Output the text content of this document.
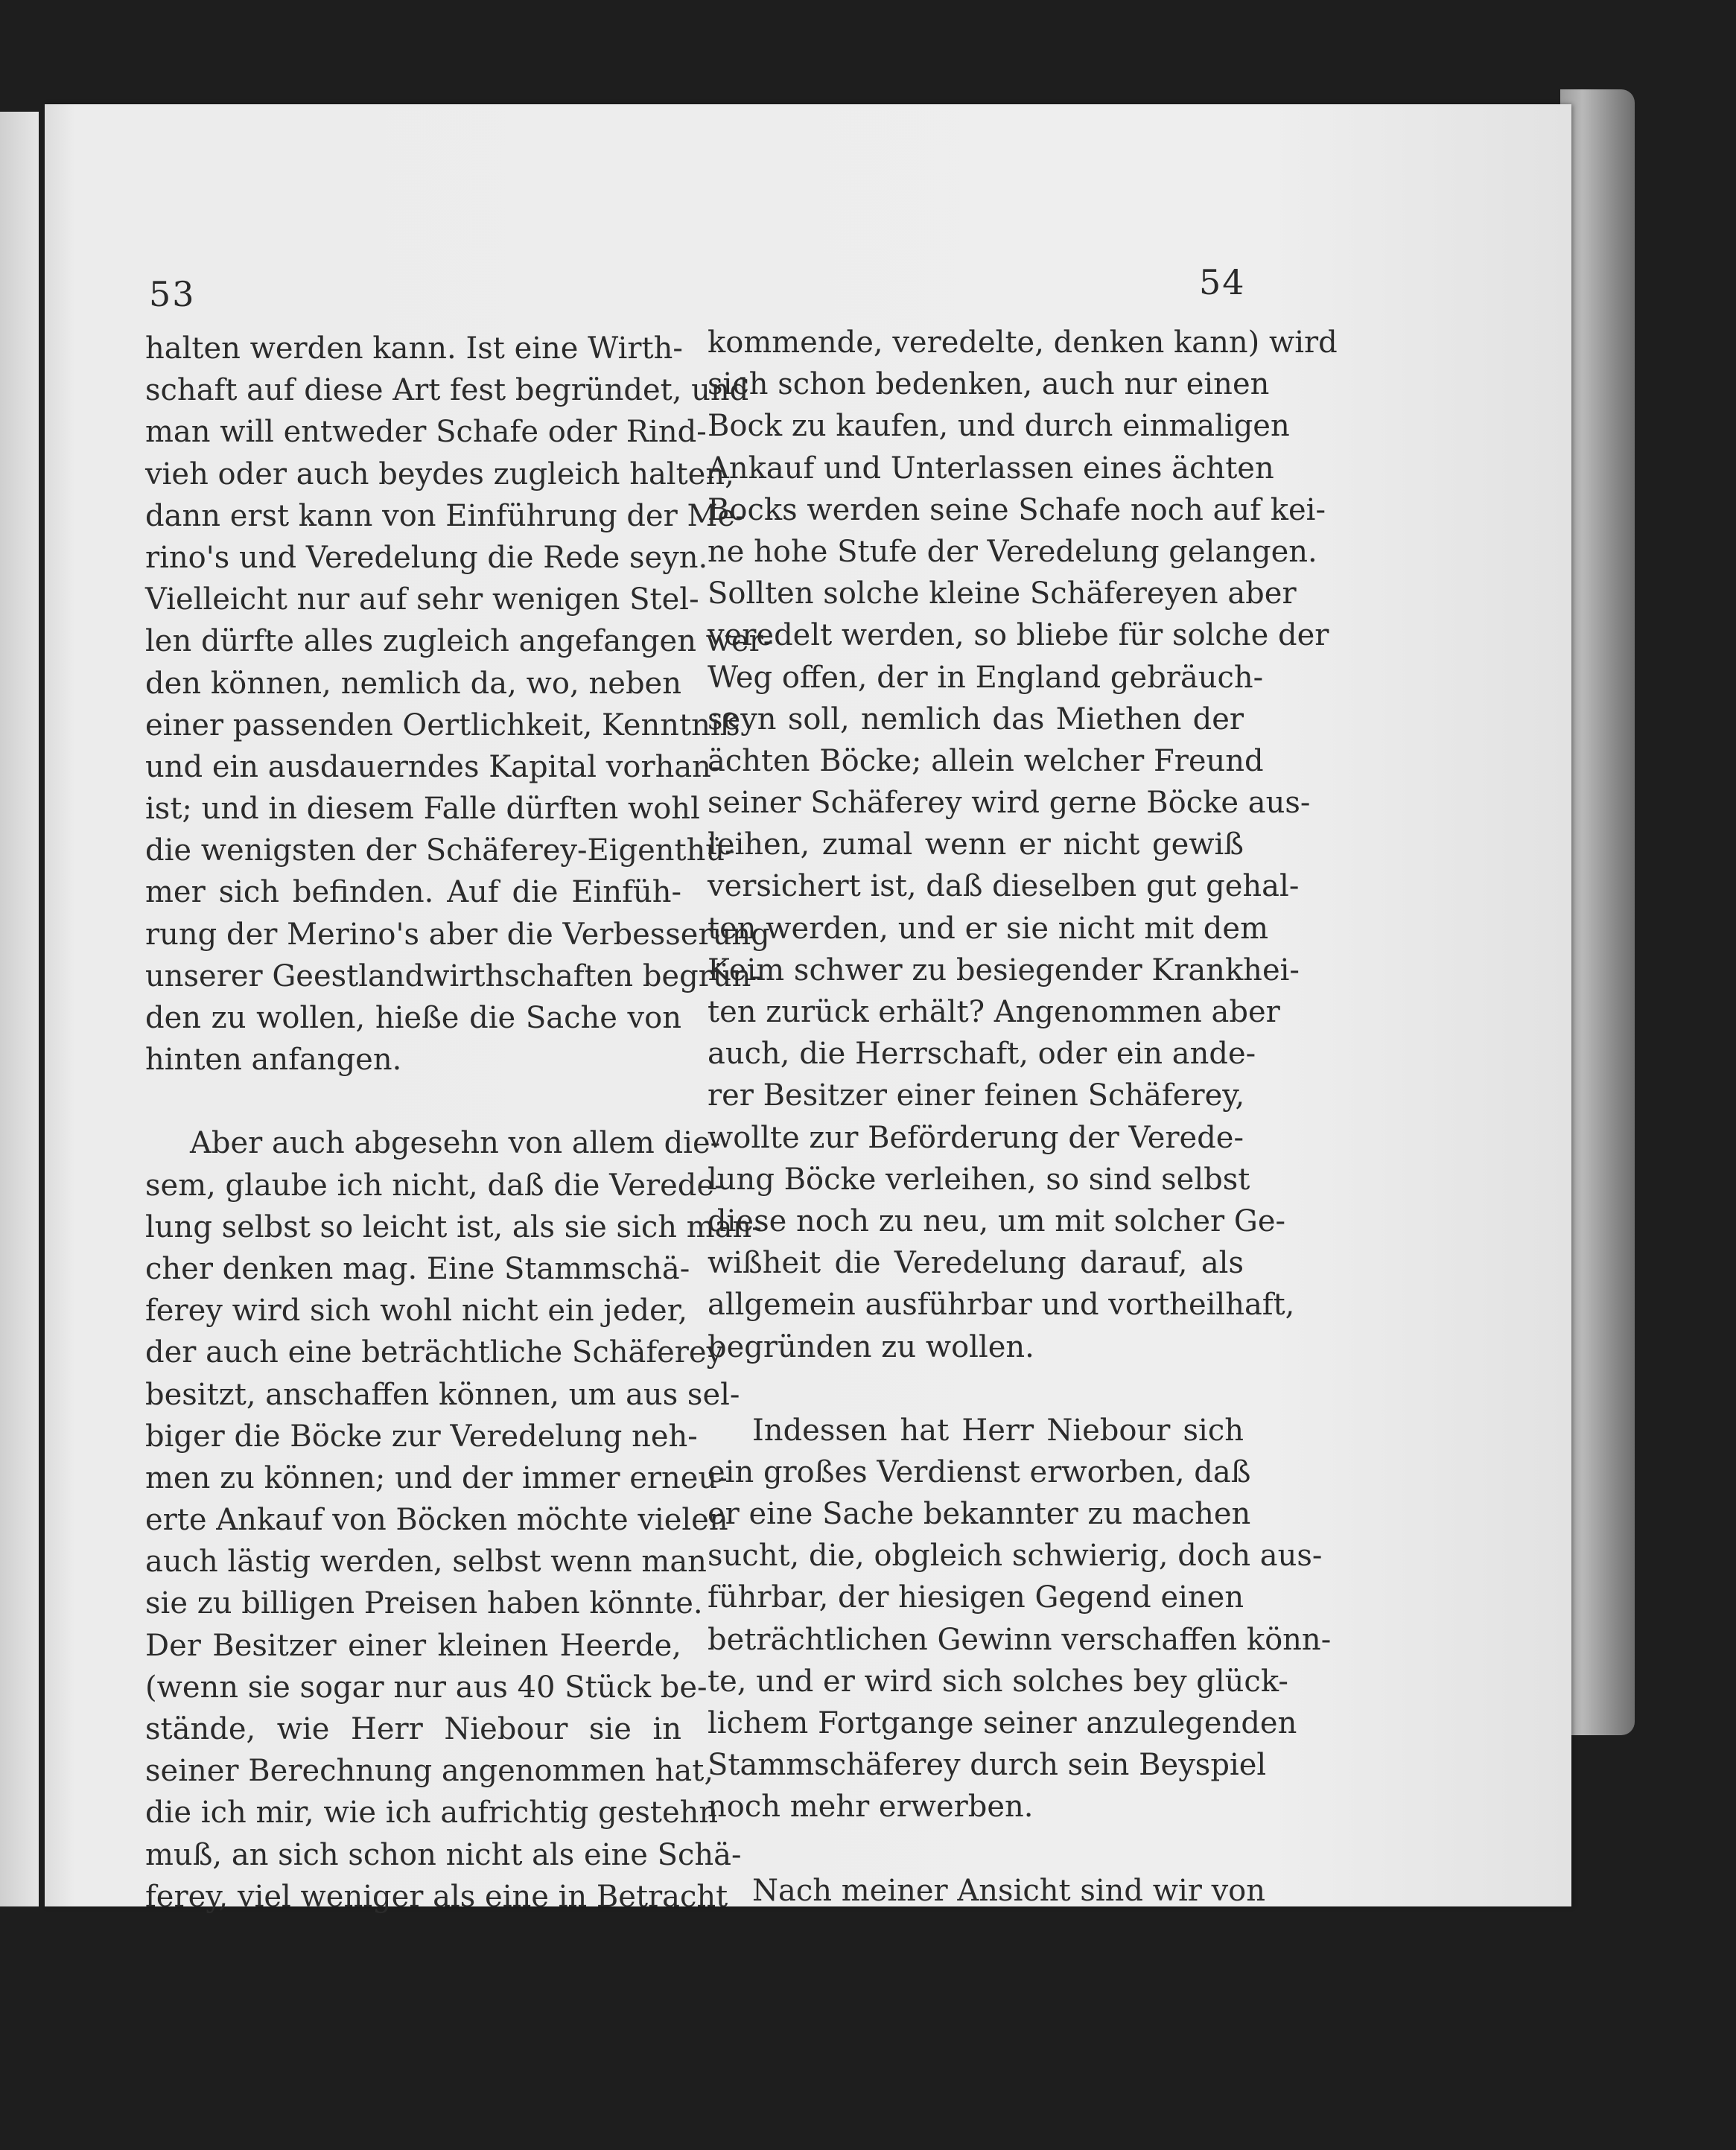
53	54
halten werden kann. Ist eine Wirth-
schaft auf diese Art fest begründet, und
man will entweder Schafe oder Rind-
vieh oder auch beydes zugleich halten,
dann erst kann von Einführung der Me-
rino's und Veredelung die Rede seyn.
Vielleicht nur auf sehr wenigen Stel-
len dürfte alles zugleich angefangen wer-
den können, nemlich da, wo, neben
einer passenden Oertlichkeit, Kenntniß
und ein ausdauerndes Kapital vorhan-
ist; und in diesem Falle dürften wohl
die wenigsten der Schäferey-Eigenthü-
mer sich befinden. Auf die Einfüh-
rung der Merino's aber die Verbesserung
unserer Geestlandwirthschaften begrün-
den zu wollen, hieße die Sache von
hinten anfangen.
Aber auch abgesehn von allem die-
sem, glaube ich nicht, daß die Verede-
lung selbst so leicht ist, als sie sich man-
cher denken mag. Eine Stammschä-
ferey wird sich wohl nicht ein jeder,
der auch eine beträchtliche Schäferey
besitzt, anschaffen können, um aus sel-
biger die Böcke zur Veredelung neh-
men zu können; und der immer erneu-
erte Ankauf von Böcken möchte vielen
auch lästig werden, selbst wenn man
sie zu billigen Preisen haben könnte.
Der Besitzer einer kleinen Heerde,
(wenn sie sogar nur aus 40 Stück be-
stände, wie Herr Niebour sie in
seiner Berechnung angenommen hat,
die ich mir, wie ich aufrichtig gestehn
muß, an sich schon nicht als eine Schä-
ferey, viel weniger als eine in Betracht
kommende, veredelte, denken kann) wird
sich schon bedenken, auch nur einen
Bock zu kaufen, und durch einmaligen
Ankauf und Unterlassen eines ächten
Bocks werden seine Schafe noch auf kei-
ne hohe Stufe der Veredelung gelangen.
Sollten solche kleine Schäfereyen aber
veredelt werden, so bliebe für solche der
Weg offen, der in England gebräuch-
seyn soll, nemlich das Miethen der
ächten Böcke; allein welcher Freund
seiner Schäferey wird gerne Böcke aus-
leihen, zumal wenn er nicht gewiß
versichert ist, daß dieselben gut gehal-
ten werden, und er sie nicht mit dem
Keim schwer zu besiegender Krankhei-
ten zurück erhält? Angenommen aber
auch, die Herrschaft, oder ein ande-
rer Besitzer einer feinen Schäferey,
wollte zur Beförderung der Verede-
lung Böcke verleihen, so sind selbst
diese noch zu neu, um mit solcher Ge-
wißheit die Veredelung darauf, als
allgemein ausführbar und vortheilhaft,
begründen zu wollen.
Indessen hat Herr Niebour sich
ein großes Verdienst erworben, daß
er eine Sache bekannter zu machen
sucht, die, obgleich schwierig, doch aus-
führbar, der hiesigen Gegend einen
beträchtlichen Gewinn verschaffen könn-
te, und er wird sich solches bey glück-
lichem Fortgange seiner anzulegenden
Stammschäferey durch sein Beyspiel
noch mehr erwerben.
Nach meiner Ansicht sind wir von
